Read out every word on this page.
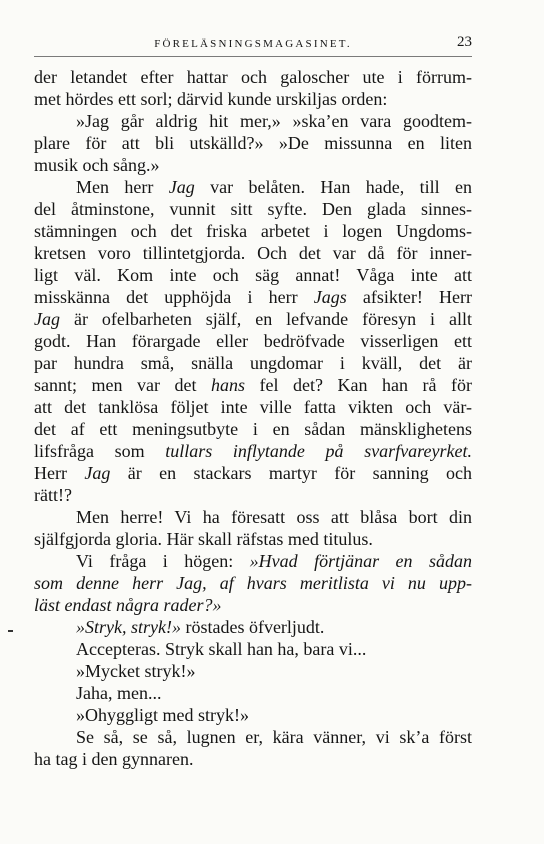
FÖRELÄSNINGSMAGASINET.	23
der letandet efter hattar och galoscher ute i förrum-
met hördes ett sorl; därvid kunde urskiljas orden:
»Jag går aldrig hit mer,» »ska’en vara goodtem-
plare för att bli utskälld?» »De missunna en liten
musik och sång.»
Men herr Jag var belåten. Han hade, till en
del åtminstone, vunnit sitt syfte. Den glada sinnes-
stämningen och det friska arbetet i logen Ungdoms-
kretsen voro tillintetgjorda. Och det var då för inner-
ligt väl. Kom inte och säg annat! Våga inte att
misskänna det upphöjda i herr Jags afsikter! Herr
Jag är ofelbarheten själf, en lefvande föresyn i allt
godt. Han förargade eller bedröfvade visserligen ett
par hundra små, snälla ungdomar i kväll, det är
sannt; men var det hans fel det? Kan han rå för
att det tanklösa följet inte ville fatta vikten och vär-
det af ett meningsutbyte i en sådan mänsklighetens
lifsfråga som tullars inflytande på svarfvareyrket.
Herr Jag är en stackars martyr för sanning och
rätt!?
Men herre! Vi ha föresatt oss att blåsa bort din
själfgjorda gloria. Här skall räfstas med titulus.
Vi fråga i högen: »Hvad förtjänar en sådan
som denne herr Jag, af hvars meritlista vi nu upp-
läst endast några rader?»
»Stryk, stryk!» röstades öfverljudt.
Accepteras. Stryk skall han ha, bara vi...
»Mycket stryk!»
Jaha, men...
»Ohyggligt med stryk!»
Se så, se så, lugnen er, kära vänner, vi sk’a först
ha tag i den gynnaren.
